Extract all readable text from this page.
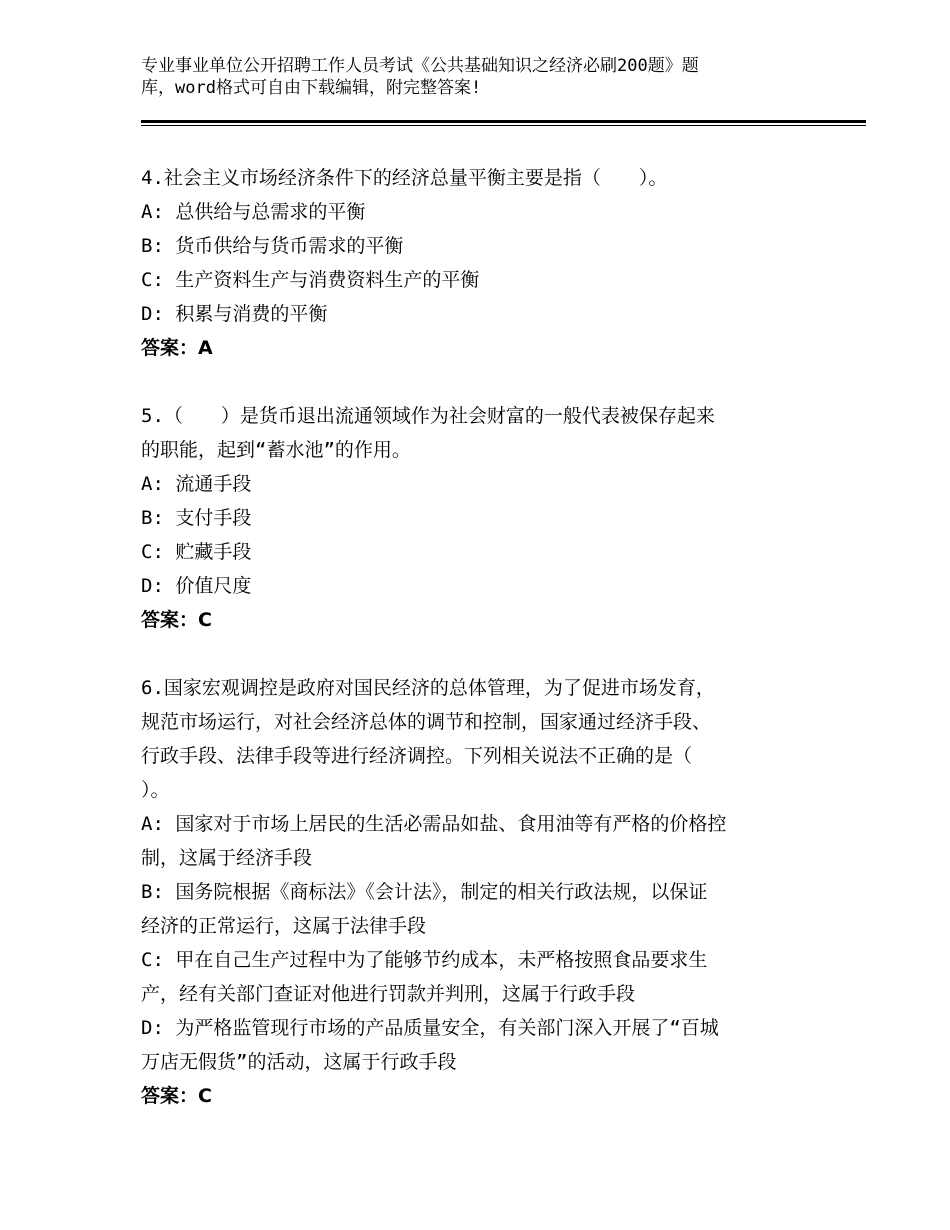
专业事业单位公开招聘工作人员考试《公共基础知识之经济必刷200题》题
库，word格式可自由下载编辑，附完整答案!
4.社会主义市场经济条件下的经济总量平衡主要是指（　　）。
A: 总供给与总需求的平衡
B: 货币供给与货币需求的平衡
C: 生产资料生产与消费资料生产的平衡
D: 积累与消费的平衡
答案：A
5.（　　）是货币退出流通领域作为社会财富的一般代表被保存起来
的职能，起到“蓄水池”的作用。
A: 流通手段
B: 支付手段
C: 贮藏手段
D: 价值尺度
答案：C
6.国家宏观调控是政府对国民经济的总体管理，为了促进市场发育，
规范市场运行，对社会经济总体的调节和控制，国家通过经济手段、
行政手段、法律手段等进行经济调控。下列相关说法不正确的是（
）。
A: 国家对于市场上居民的生活必需品如盐、食用油等有严格的价格控
制，这属于经济手段
B: 国务院根据《商标法》《会计法》，制定的相关行政法规，以保证
经济的正常运行，这属于法律手段
C: 甲在自己生产过程中为了能够节约成本，未严格按照食品要求生
产，经有关部门查证对他进行罚款并判刑，这属于行政手段
D: 为严格监管现行市场的产品质量安全，有关部门深入开展了“百城
万店无假货”的活动，这属于行政手段
答案：C
